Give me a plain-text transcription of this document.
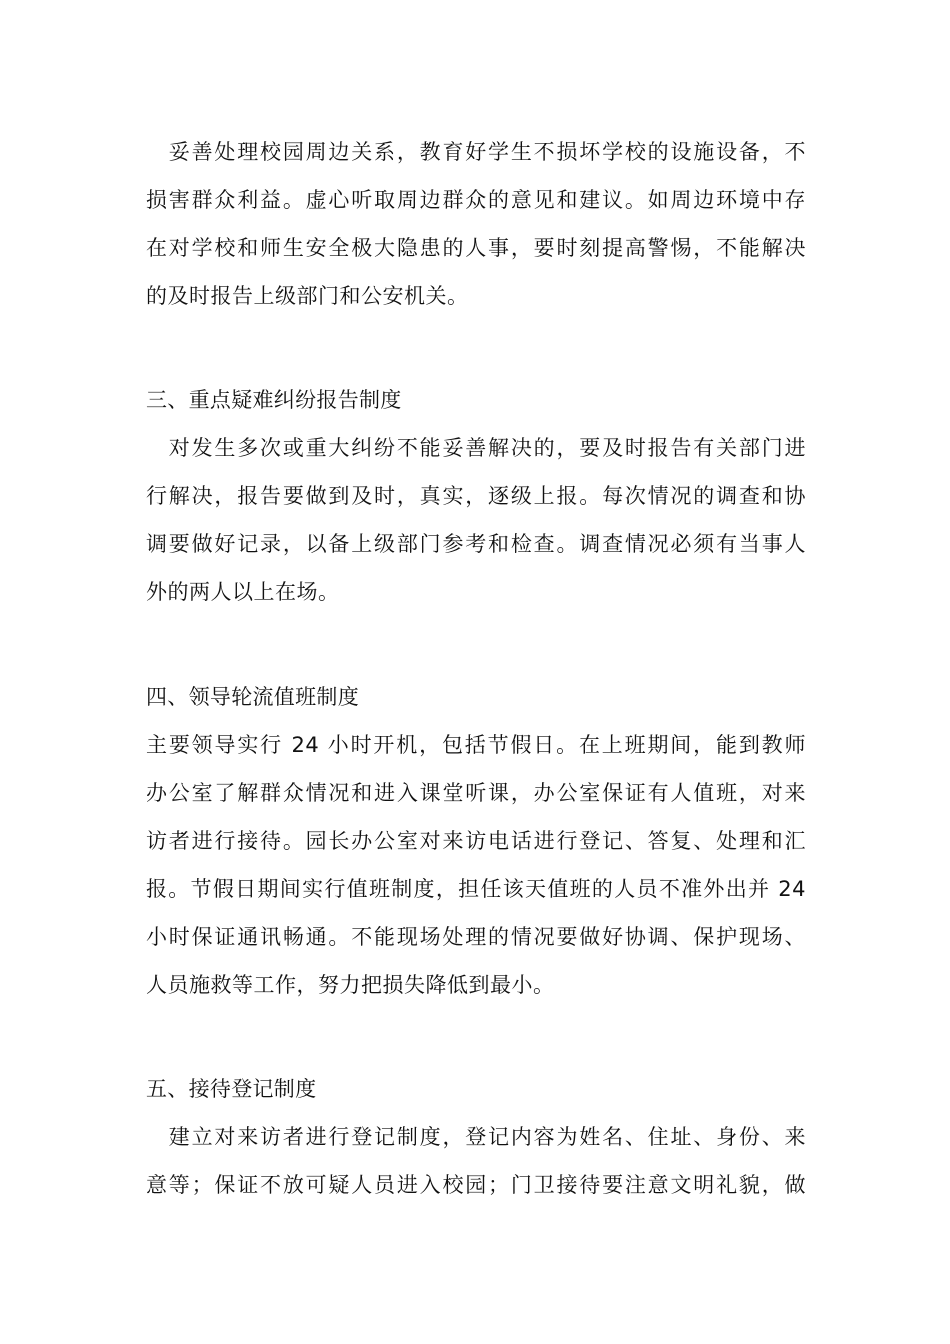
　妥善处理校园周边关系，教育好学生不损坏学校的设施设备，不
损害群众利益。虚心听取周边群众的意见和建议。如周边环境中存
在对学校和师生安全极大隐患的人事，要时刻提高警惕，不能解决
的及时报告上级部门和公安机关。
三、重点疑难纠纷报告制度
　对发生多次或重大纠纷不能妥善解决的，要及时报告有关部门进
行解决，报告要做到及时，真实，逐级上报。每次情况的调查和协
调要做好记录，以备上级部门参考和检查。调查情况必须有当事人
外的两人以上在场。
四、领导轮流值班制度
主要领导实行 24 小时开机，包括节假日。在上班期间，能到教师
办公室了解群众情况和进入课堂听课，办公室保证有人值班，对来
访者进行接待。园长办公室对来访电话进行登记、答复、处理和汇
报。节假日期间实行值班制度，担任该天值班的人员不准外出并 24
小时保证通讯畅通。不能现场处理的情况要做好协调、保护现场、
人员施救等工作，努力把损失降低到最小。
五、接待登记制度
　建立对来访者进行登记制度，登记内容为姓名、住址、身份、来
意等；保证不放可疑人员进入校园；门卫接待要注意文明礼貌，做
